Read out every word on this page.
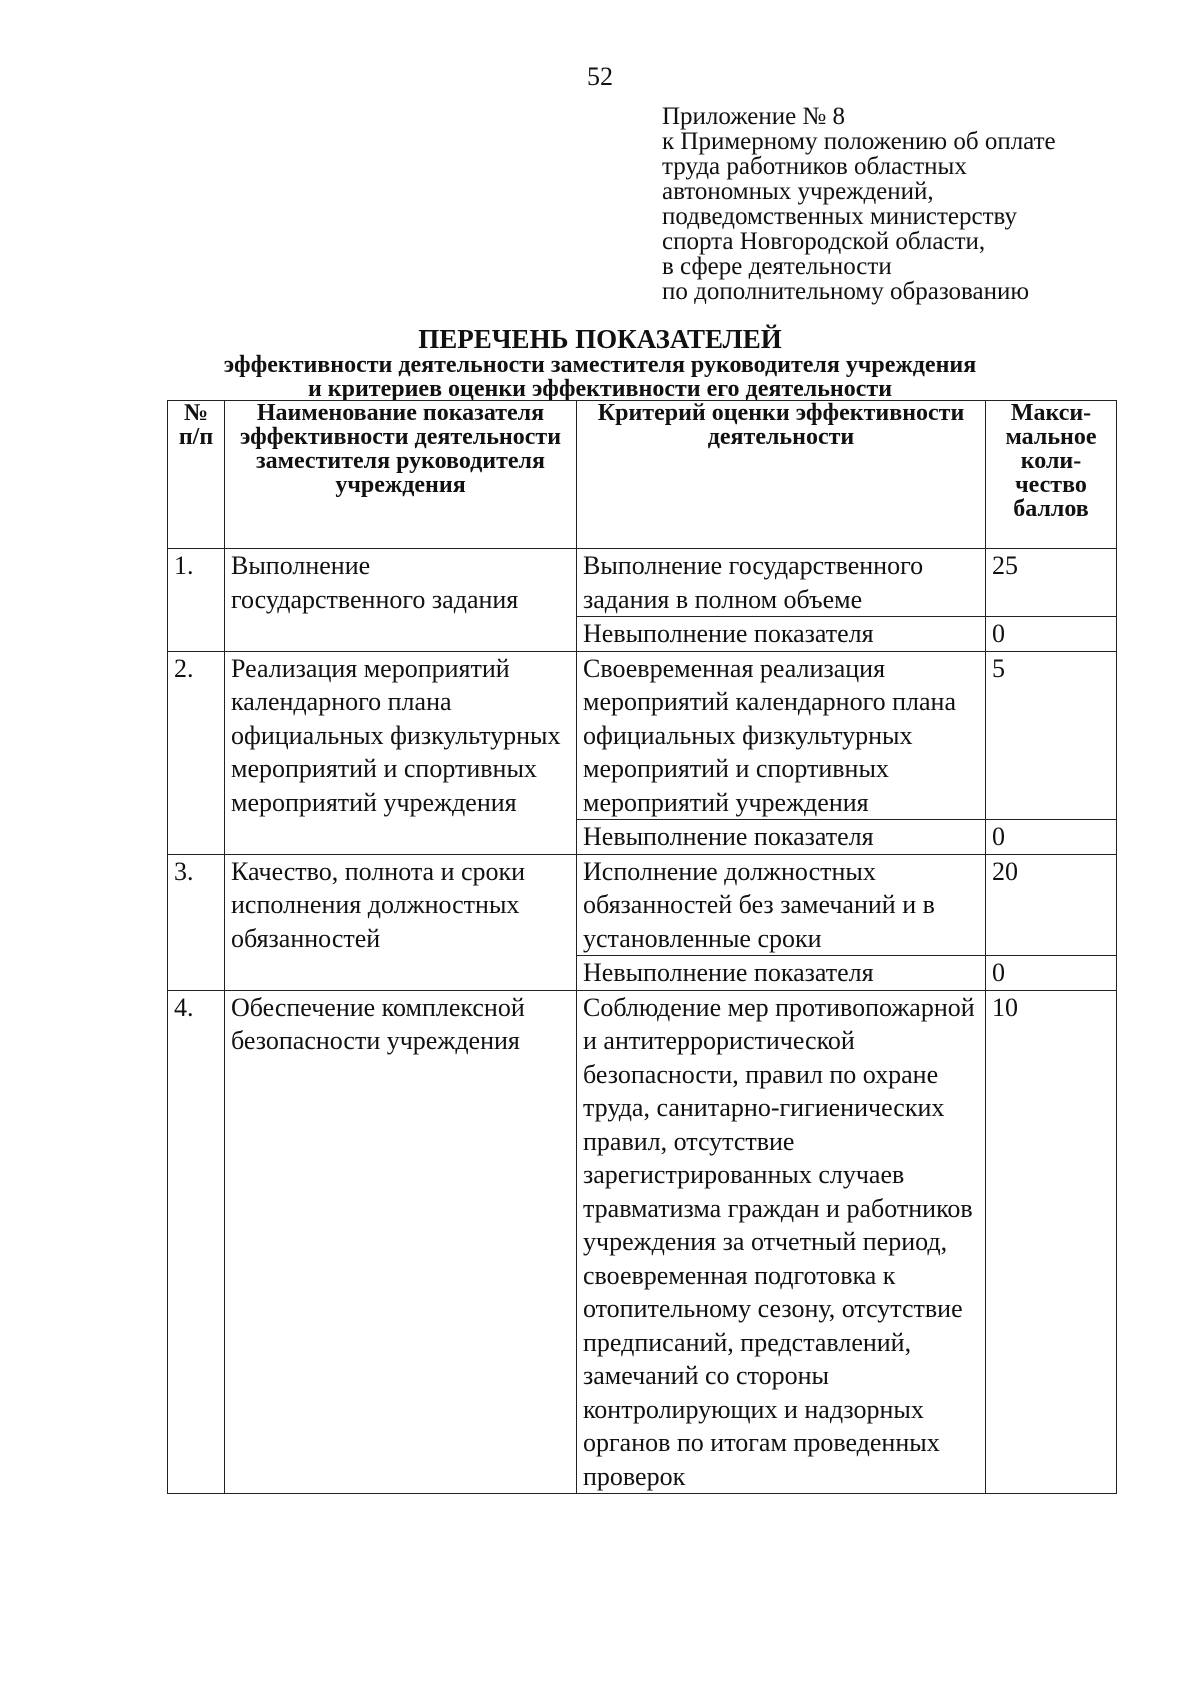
52
Приложение № 8
к Примерному положению об оплате
труда работников областных
автономных учреждений,
подведомственных министерству
спорта Новгородской области,
в сфере деятельности
по дополнительному образованию
ПЕРЕЧЕНЬ ПОКАЗАТЕЛЕЙ
эффективности деятельности заместителя руководителя учреждения
и критериев оценки эффективности его деятельности
№ п/п	Наименование показателя эффективности деятельности заместителя руководителя учреждения	Критерий оценки эффективности деятельности	Макси- мальное коли- чество баллов
1.	Выполнение государственного задания	Выполнение государственного задания в полном объеме	25
		Невыполнение показателя	0
2.	Реализация мероприятий календарного плана официальных физкультурных мероприятий и спортивных мероприятий учреждения	Своевременная реализация мероприятий календарного плана официальных физкультурных мероприятий и спортивных мероприятий учреждения	5
		Невыполнение показателя	0
3.	Качество, полнота и сроки исполнения должностных обязанностей	Исполнение должностных обязанностей без замечаний и в установленные сроки	20
		Невыполнение показателя	0
4.	Обеспечение комплексной безопасности учреждения	Соблюдение мер противопожарной и антитеррористической безопасности, правил по охране труда, санитарно-гигиенических правил, отсутствие зарегистрированных случаев травматизма граждан и работников учреждения за отчетный период, своевременная подготовка к отопительному сезону, отсутствие предписаний, представлений, замечаний со стороны контролирующих и надзорных органов по итогам проведенных проверок	10
